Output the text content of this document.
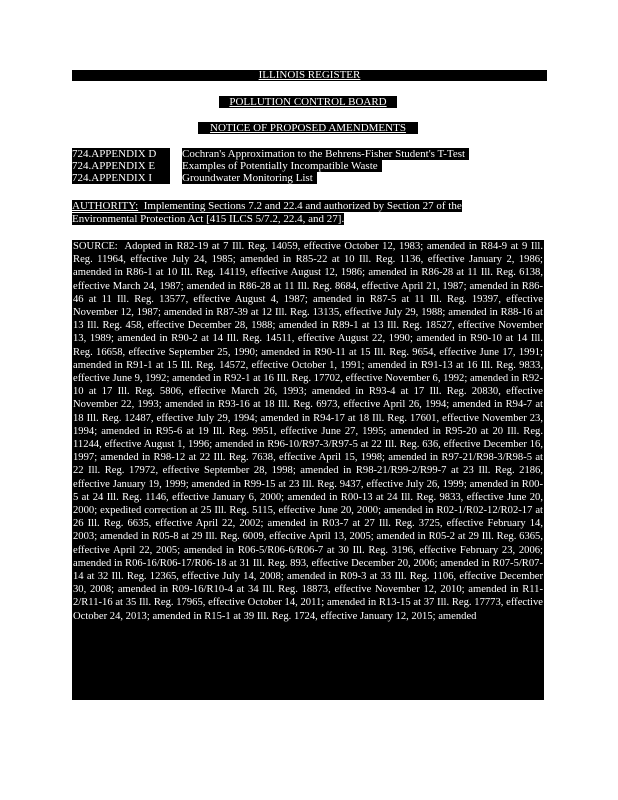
ILLINOIS REGISTER
POLLUTION CONTROL BOARD
NOTICE OF PROPOSED AMENDMENTS
724.APPENDIX D Cochran's Approximation to the Behrens-Fisher Student's T-Test
724.APPENDIX E Examples of Potentially Incompatible Waste
724.APPENDIX I	Groundwater Monitoring List
AUTHORITY: Implementing Sections 7.2 and 22.4 and authorized by Section 27 of the Environmental Protection Act [415 ILCS 5/7.2, 22.4, and 27].

SOURCE: Adopted in R82-19 at 7 Ill. Reg. 14059, effective October 12, 1983; amended in R84-9 at 9 Ill. Reg. 11964, effective July 24, 1985; amended in R85-22 at 10 Ill. Reg. 1136, effective January 2, 1986; amended in R86-1 at 10 Ill. Reg. 14119, effective August 12, 1986; amended in R86-28 at 11 Ill. Reg. 6138, effective March 24, 1987; amended in R86-28 at 11 Ill. Reg. 8684, effective April 21, 1987; amended in R86-46 at 11 Ill. Reg. 13577, effective August 4, 1987; amended in R87-5 at 11 Ill. Reg. 19397, effective November 12, 1987; amended in R87-39 at 12 Ill. Reg. 13135, effective July 29, 1988; amended in R88-16 at 13 Ill. Reg. 458, effective December 28, 1988; amended in R89-1 at 13 Ill. Reg. 18527, effective November 13, 1989; amended in R90-2 at 14 Ill. Reg. 14511, effective August 22, 1990; amended in R90-10 at 14 Ill. Reg. 16658, effective September 25, 1990; amended in R90-11 at 15 Ill. Reg. 9654, effective June 17, 1991; amended in R91-1 at 15 Ill. Reg. 14572, effective October 1, 1991; amended in R91-13 at 16 Ill. Reg. 9833, effective June 9, 1992; amended in R92-1 at 16 Ill. Reg. 17702, effective November 6, 1992; amended in R92-10 at 17 Ill. Reg. 5806, effective March 26, 1993; amended in R93-4 at 17 Ill. Reg. 20830, effective November 22, 1993; amended in R93-16 at 18 Ill. Reg. 6973, effective April 26, 1994; amended in R94-7 at 18 Ill. Reg. 12487, effective July 29, 1994; amended in R94-17 at 18 Ill. Reg. 17601, effective November 23, 1994; amended in R95-6 at 19 Ill. Reg. 9951, effective June 27, 1995; amended in R95-20 at 20 Ill. Reg. 11244, effective August 1, 1996; amended in R96-10/R97-3/R97-5 at 22 Ill. Reg. 636, effective December 16, 1997; amended in R98-12 at 22 Ill. Reg. 7638, effective April 15, 1998; amended in R97-21/R98-3/R98-5 at 22 Ill. Reg. 17972, effective September 28, 1998; amended in R98-21/R99-2/R99-7 at 23 Ill. Reg. 2186, effective January 19, 1999; amended in R99-15 at 23 Ill. Reg. 9437, effective July 26, 1999; amended in R00-5 at 24 Ill. Reg. 1146, effective January 6, 2000; amended in R00-13 at 24 Ill. Reg. 9833, effective June 20, 2000; expedited correction at 25 Ill. Reg. 5115, effective June 20, 2000; amended in R02-1/R02-12/R02-17 at 26 Ill. Reg. 6635, effective April 22, 2002; amended in R03-7 at 27 Ill. Reg. 3725, effective February 14, 2003; amended in R05-8 at 29 Ill. Reg. 6009, effective April 13, 2005; amended in R05-2 at 29 Ill. Reg. 6365, effective April 22, 2005; amended in R06-5/R06-6/R06-7 at 30 Ill. Reg. 3196, effective February 23, 2006; amended in R06-16/R06-17/R06-18 at 31 Ill. Reg. 893, effective December 20, 2006; amended in R07-5/R07-14 at 32 Ill. Reg. 12365, effective July 14, 2008; amended in R09-3 at 33 Ill. Reg. 1106, effective December 30, 2008; amended in R09-16/R10-4 at 34 Ill. Reg. 18873, effective November 12, 2010; amended in R11-2/R11-16 at 35 Ill. Reg. 17965, effective October 14, 2011; amended in R13-15 at 37 Ill. Reg. 17773, effective October 24, 2013; amended in R15-1 at 39 Ill. Reg. 1724, effective January 12, 2015; amended
